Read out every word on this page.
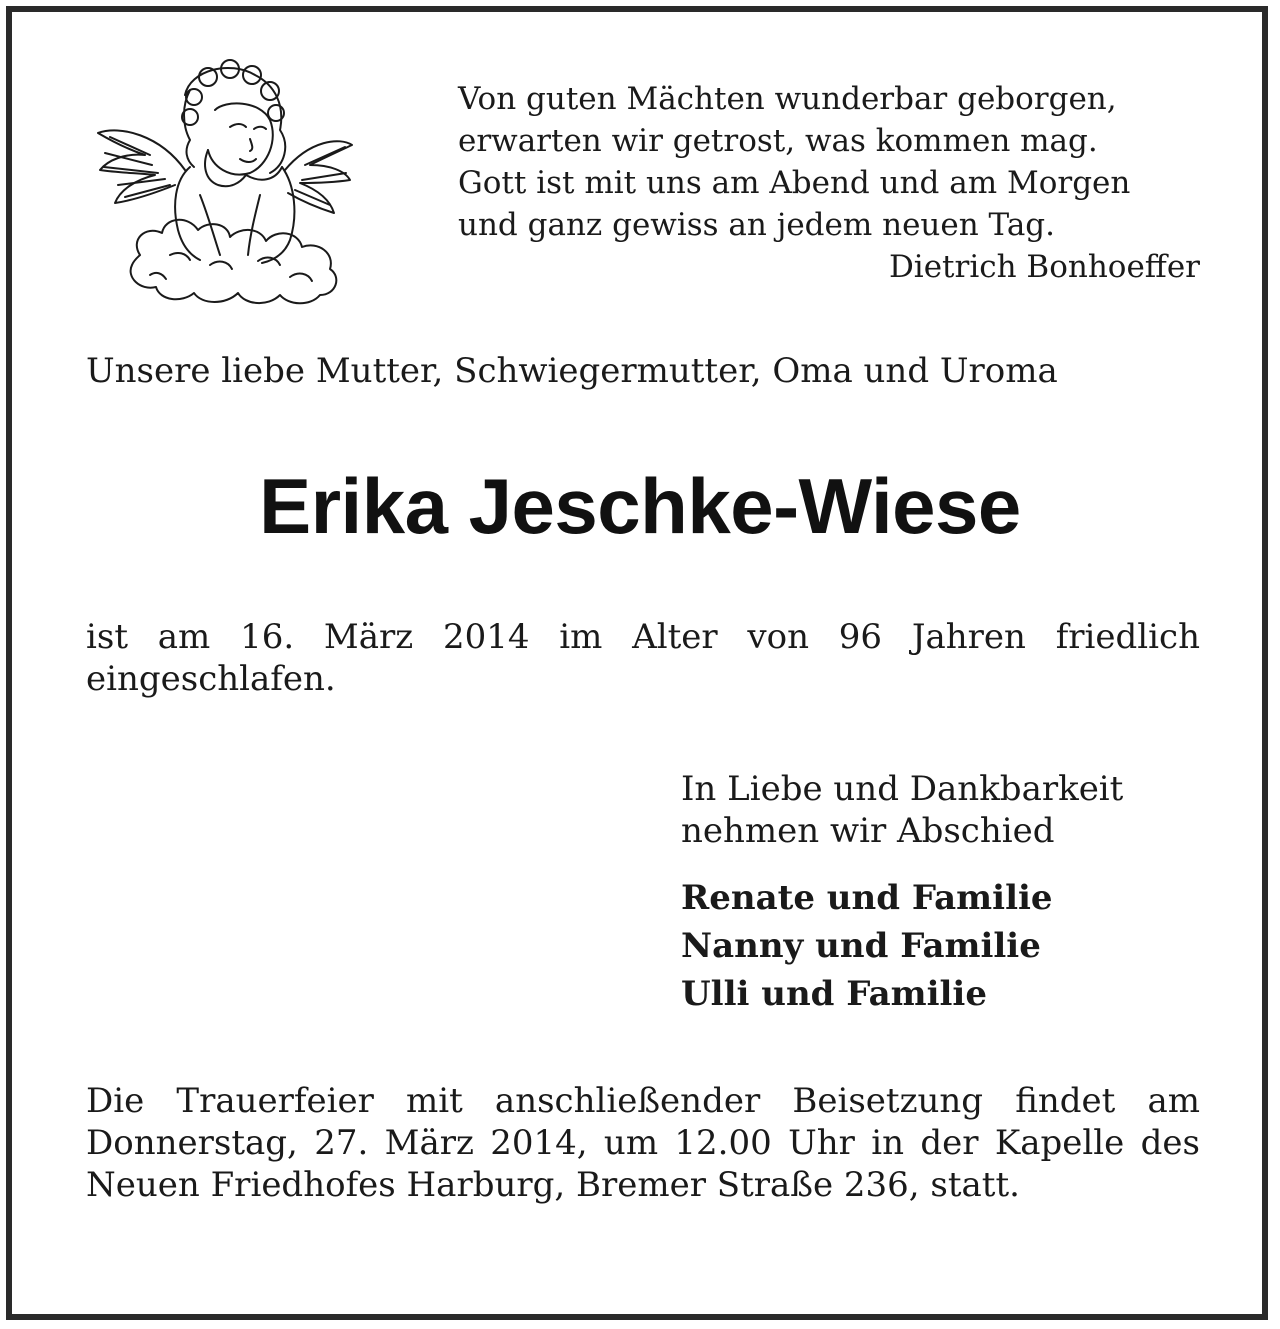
Von guten Mächten wunderbar geborgen,
erwarten wir getrost, was kommen mag.
Gott ist mit uns am Abend und am Morgen
und ganz gewiss an jedem neuen Tag.
Dietrich Bonhoeffer
Unsere liebe Mutter, Schwiegermutter, Oma und Uroma
Erika Jeschke-Wiese
ist am 16. März 2014 im Alter von 96 Jahren friedlich eingeschlafen.
In Liebe und Dankbarkeit
nehmen wir Abschied
Renate und Familie
Nanny und Familie
Ulli und Familie
Die Trauerfeier mit anschließender Beisetzung findet am Donnerstag, 27. März 2014, um 12.00 Uhr in der Kapelle des Neuen Friedhofes Harburg, Bremer Straße 236, statt.
